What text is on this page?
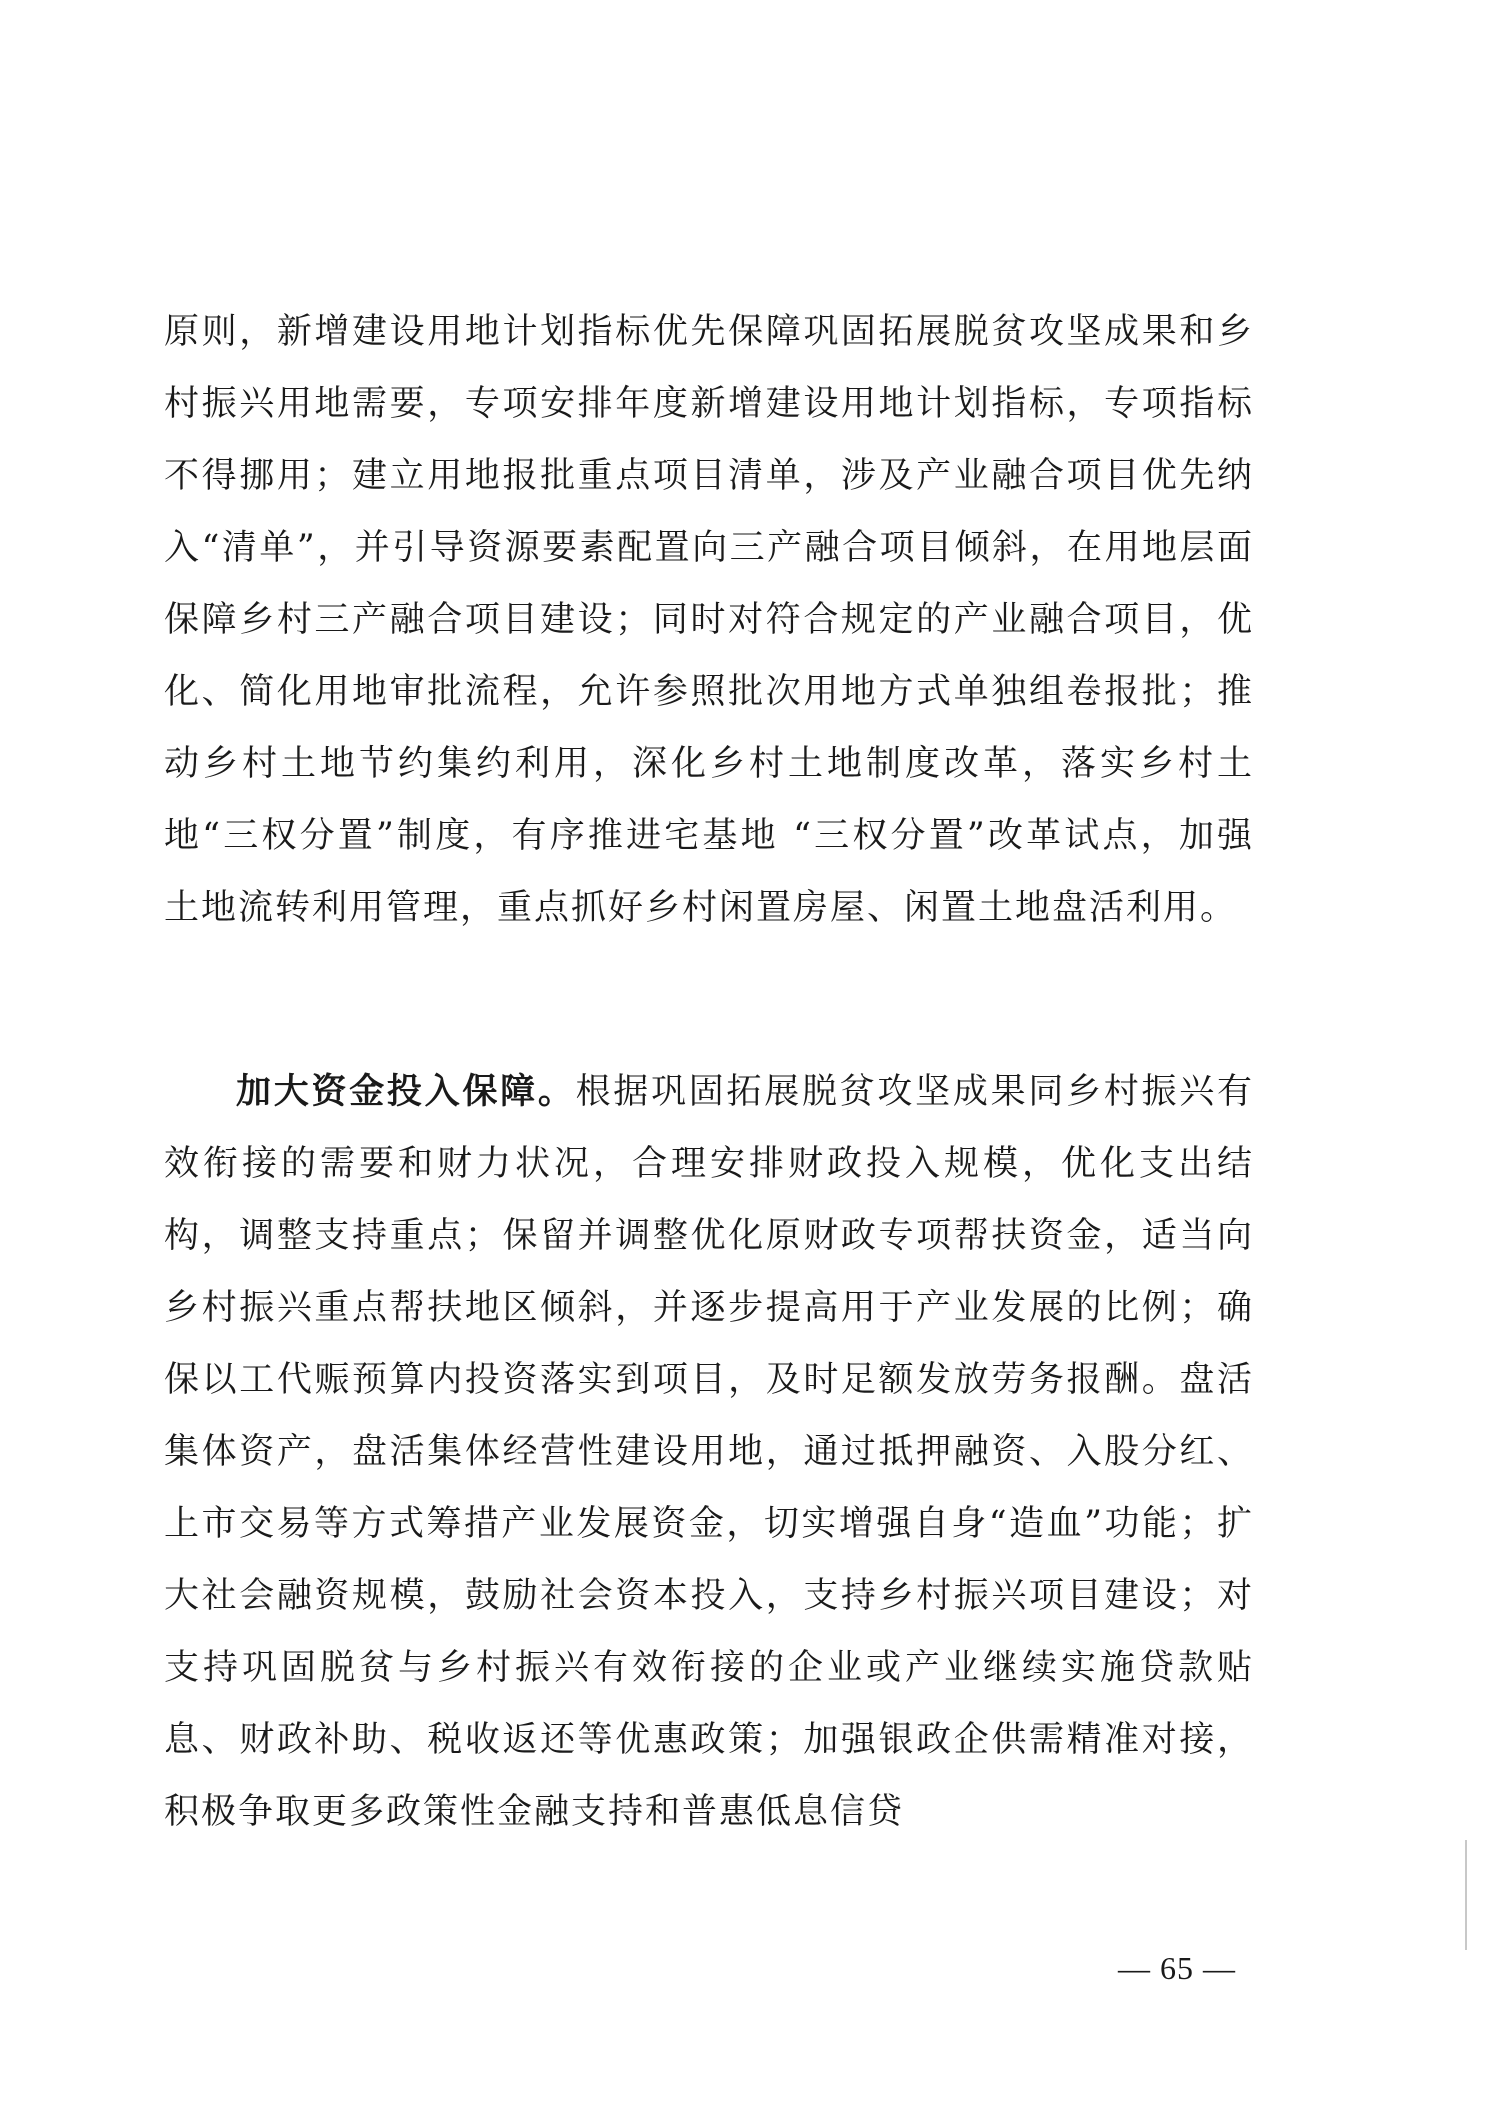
原则，新增建设用地计划指标优先保障巩固拓展脱贫攻坚成果和乡村振兴用地需要，专项安排年度新增建设用地计划指标，专项指标不得挪用；建立用地报批重点项目清单，涉及产业融合项目优先纳入“清单”，并引导资源要素配置向三产融合项目倾斜，在用地层面保障乡村三产融合项目建设；同时对符合规定的产业融合项目，优化、简化用地审批流程，允许参照批次用地方式单独组卷报批；推动乡村土地节约集约利用，深化乡村土地制度改革，落实乡村土地“三权分置”制度，有序推进宅基地 “三权分置”改革试点，加强土地流转利用管理，重点抓好乡村闲置房屋、闲置土地盘活利用。
加大资金投入保障。根据巩固拓展脱贫攻坚成果同乡村振兴有效衔接的需要和财力状况，合理安排财政投入规模，优化支出结构，调整支持重点；保留并调整优化原财政专项帮扶资金，适当向乡村振兴重点帮扶地区倾斜，并逐步提高用于产业发展的比例；确保以工代赈预算内投资落实到项目，及时足额发放劳务报酬。盘活集体资产，盘活集体经营性建设用地，通过抵押融资、入股分红、上市交易等方式筹措产业发展资金，切实增强自身“造血”功能；扩大社会融资规模，鼓励社会资本投入，支持乡村振兴项目建设；对支持巩固脱贫与乡村振兴有效衔接的企业或产业继续实施贷款贴息、财政补助、税收返还等优惠政策；加强银政企供需精准对接，积极争取更多政策性金融支持和普惠低息信贷
— 65 —
